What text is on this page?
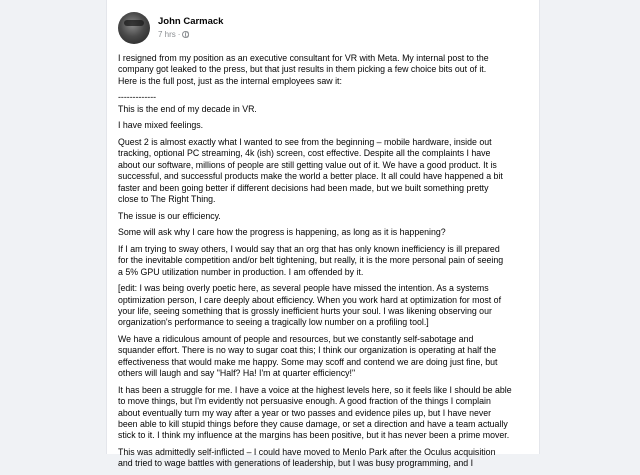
John Carmack
7 hrs ·

I resigned from my position as an executive consultant for VR with Meta. My internal post to the
company got leaked to the press, but that just results in them picking a few choice bits out of it.
Here is the full post, just as the internal employees saw it:

-------------
This is the end of my decade in VR.

I have mixed feelings.

Quest 2 is almost exactly what I wanted to see from the beginning – mobile hardware, inside out
tracking, optional PC streaming, 4k (ish) screen, cost effective. Despite all the complaints I have
about our software, millions of people are still getting value out of it. We have a good product. It is
successful, and successful products make the world a better place. It all could have happened a bit
faster and been going better if different decisions had been made, but we built something pretty
close to The Right Thing.

The issue is our efficiency.

Some will ask why I care how the progress is happening, as long as it is happening?

If I am trying to sway others, I would say that an org that has only known inefficiency is ill prepared
for the inevitable competition and/or belt tightening, but really, it is the more personal pain of seeing
a 5% GPU utilization number in production. I am offended by it.

[edit: I was being overly poetic here, as several people have missed the intention. As a systems
optimization person, I care deeply about efficiency. When you work hard at optimization for most of
your life, seeing something that is grossly inefficient hurts your soul. I was likening observing our
organization's performance to seeing a tragically low number on a profiling tool.]

We have a ridiculous amount of people and resources, but we constantly self-sabotage and
squander effort. There is no way to sugar coat this; I think our organization is operating at half the
effectiveness that would make me happy. Some may scoff and contend we are doing just fine, but
others will laugh and say "Half? Ha! I'm at quarter efficiency!"

It has been a struggle for me. I have a voice at the highest levels here, so it feels like I should be able
to move things, but I'm evidently not persuasive enough. A good fraction of the things I complain
about eventually turn my way after a year or two passes and evidence piles up, but I have never
been able to kill stupid things before they cause damage, or set a direction and have a team actually
stick to it. I think my influence at the margins has been positive, but it has never been a prime mover.

This was admittedly self-inflicted – I could have moved to Menlo Park after the Oculus acquisition
and tried to wage battles with generations of leadership, but I was busy programming, and I
